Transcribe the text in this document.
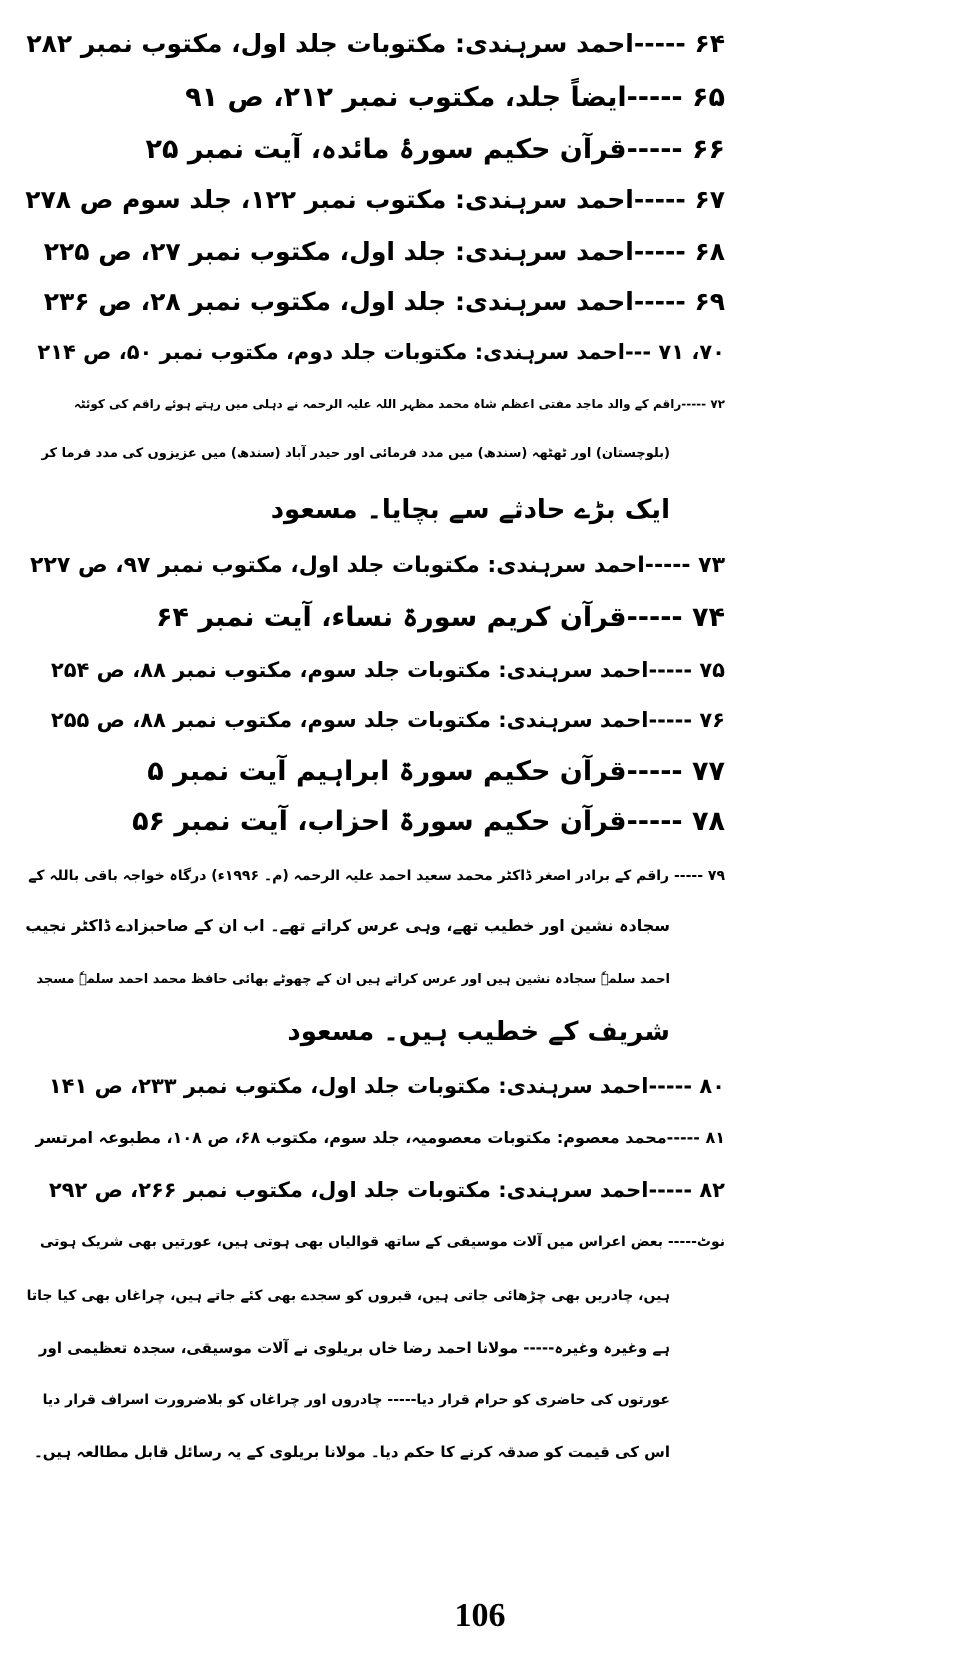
۶۴ -----احمد سرہندی: مکتوبات جلد اول، مکتوب نمبر ۲۸۲
۶۵ -----ایضاً جلد، مکتوب نمبر ۲۱۲، ص ۹۱
۶۶ -----قرآن حکیم سورۂ مائدہ، آیت نمبر ۲۵
۶۷ -----احمد سرہندی: مکتوب نمبر ۱۲۲، جلد سوم ص ۲۷۸
۶۸ -----احمد سرہندی: جلد اول، مکتوب نمبر ۲۷، ص ۲۲۵
۶۹ -----احمد سرہندی: جلد اول، مکتوب نمبر ۲۸، ص ۲۳۶
۷۰، ۷۱ ---احمد سرہندی: مکتوبات جلد دوم، مکتوب نمبر ۵۰، ص ۲۱۴
۷۲ -----راقم کے والد ماجد مفتی اعظم شاہ محمد مظہر اللہ علیہ الرحمہ نے دہلی میں رہتے ہوئے راقم کی کوئٹہ
(بلوچستان) اور ٹھٹھہ (سندھ) میں مدد فرمائی اور حیدر آباد (سندھ) میں عزیزوں کی مدد فرما کر
ایک بڑے حادثے سے بچایا۔ مسعود
۷۳ -----احمد سرہندی: مکتوبات جلد اول، مکتوب نمبر ۹۷، ص ۲۲۷
۷۴ -----قرآن کریم سورۃ نساء، آیت نمبر ۶۴
۷۵ -----احمد سرہندی: مکتوبات جلد سوم، مکتوب نمبر ۸۸، ص ۲۵۴
۷۶ -----احمد سرہندی: مکتوبات جلد سوم، مکتوب نمبر ۸۸، ص ۲۵۵
۷۷ -----قرآن حکیم سورۃ ابراہیم آیت نمبر ۵
۷۸ -----قرآن حکیم سورۃ احزاب، آیت نمبر ۵۶
۷۹ ----- راقم کے برادر اصغر ڈاکٹر محمد سعید احمد علیہ الرحمہ (م۔ ۱۹۹۶ء) درگاہ خواجہ باقی باللہ کے
سجادہ نشین اور خطیب تھے، وہی عرس کراتے تھے۔ اب ان کے صاحبزادے ڈاکٹر نجیب
احمد سلمہٗ سجادہ نشین ہیں اور عرس کراتے ہیں ان کے چھوٹے بھائی حافظ محمد احمد سلمہٗ مسجد
شریف کے خطیب ہیں۔ مسعود
۸۰ -----احمد سرہندی: مکتوبات جلد اول، مکتوب نمبر ۲۳۳، ص ۱۴۱
۸۱ -----محمد معصوم: مکتوبات معصومیہ، جلد سوم، مکتوب ۶۸، ص ۱۰۸، مطبوعہ امرتسر
۸۲ -----احمد سرہندی: مکتوبات جلد اول، مکتوب نمبر ۲۶۶، ص ۲۹۲
نوٹ----- بعض اعراس میں آلات موسیقی کے ساتھ قوالیاں بھی ہوتی ہیں، عورتیں بھی شریک ہوتی
ہیں، چادریں بھی چڑھائی جاتی ہیں، قبروں کو سجدے بھی کئے جاتے ہیں، چراغاں بھی کیا جاتا
ہے وغیرہ وغیرہ----- مولانا احمد رضا خاں بریلوی نے آلات موسیقی، سجدہ تعظیمی اور
عورتوں کی حاضری کو حرام قرار دیا----- چادروں اور چراغاں کو بلاضرورت اسراف قرار دیا
اس کی قیمت کو صدقہ کرنے کا حکم دیا۔ مولانا بریلوی کے یہ رسائل قابل مطالعہ ہیں۔
106
